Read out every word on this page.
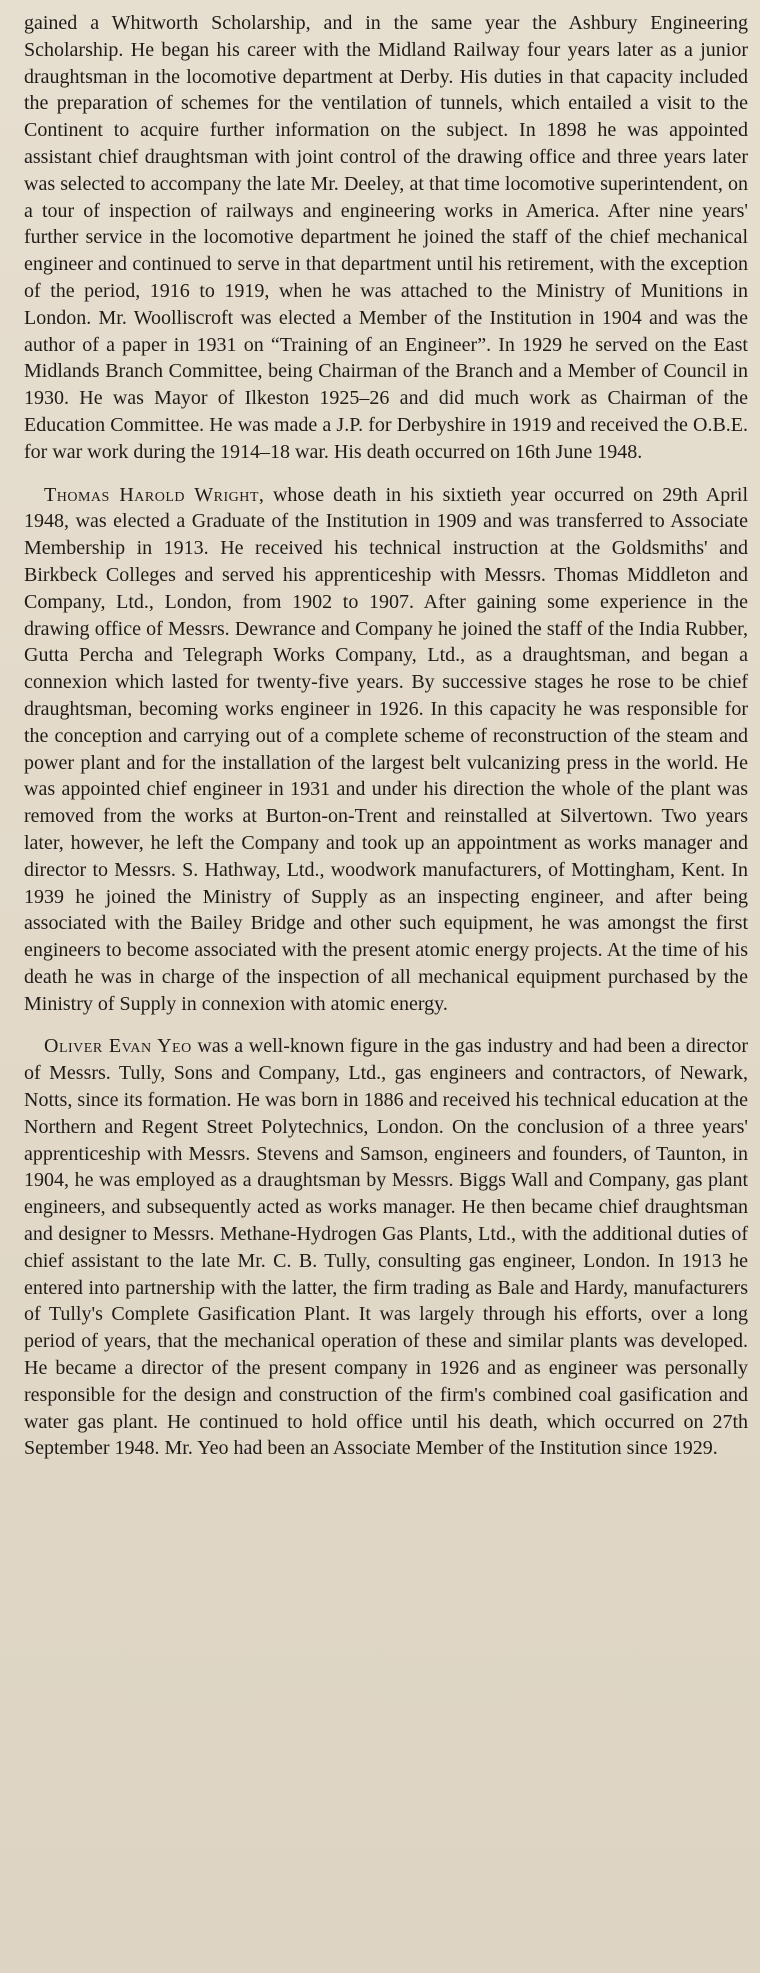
gained a Whitworth Scholarship, and in the same year the Ashbury Engineering Scholarship. He began his career with the Midland Railway four years later as a junior draughtsman in the locomotive department at Derby. His duties in that capacity included the preparation of schemes for the ventilation of tunnels, which entailed a visit to the Continent to acquire further information on the subject. In 1898 he was appointed assistant chief draughtsman with joint control of the drawing office and three years later was selected to accompany the late Mr. Deeley, at that time locomotive superintendent, on a tour of inspection of railways and engineering works in America. After nine years' further service in the locomotive department he joined the staff of the chief mechanical engineer and continued to serve in that department until his retirement, with the exception of the period, 1916 to 1919, when he was attached to the Ministry of Munitions in London. Mr. Woolliscroft was elected a Member of the Institution in 1904 and was the author of a paper in 1931 on “Training of an Engineer”. In 1929 he served on the East Midlands Branch Committee, being Chairman of the Branch and a Member of Council in 1930. He was Mayor of Ilkeston 1925–26 and did much work as Chairman of the Education Committee. He was made a J.P. for Derbyshire in 1919 and received the O.B.E. for war work during the 1914–18 war. His death occurred on 16th June 1948.

Thomas Harold Wright, whose death in his sixtieth year occurred on 29th April 1948, was elected a Graduate of the Institution in 1909 and was transferred to Associate Membership in 1913. He received his technical instruction at the Goldsmiths' and Birkbeck Colleges and served his apprenticeship with Messrs. Thomas Middleton and Company, Ltd., London, from 1902 to 1907. After gaining some experience in the drawing office of Messrs. Dewrance and Company he joined the staff of the India Rubber, Gutta Percha and Telegraph Works Company, Ltd., as a draughtsman, and began a connexion which lasted for twenty-five years. By successive stages he rose to be chief draughtsman, becoming works engineer in 1926. In this capacity he was responsible for the conception and carrying out of a complete scheme of reconstruction of the steam and power plant and for the installation of the largest belt vulcanizing press in the world. He was appointed chief engineer in 1931 and under his direction the whole of the plant was removed from the works at Burton-on-Trent and reinstalled at Silvertown. Two years later, however, he left the Company and took up an appointment as works manager and director to Messrs. S. Hathway, Ltd., woodwork manufacturers, of Mottingham, Kent. In 1939 he joined the Ministry of Supply as an inspecting engineer, and after being associated with the Bailey Bridge and other such equipment, he was amongst the first engineers to become associated with the present atomic energy projects. At the time of his death he was in charge of the inspection of all mechanical equipment purchased by the Ministry of Supply in connexion with atomic energy.

Oliver Evan Yeo was a well-known figure in the gas industry and had been a director of Messrs. Tully, Sons and Company, Ltd., gas engineers and contractors, of Newark, Notts, since its formation. He was born in 1886 and received his technical education at the Northern and Regent Street Polytechnics, London. On the conclusion of a three years' apprenticeship with Messrs. Stevens and Samson, engineers and founders, of Taunton, in 1904, he was employed as a draughtsman by Messrs. Biggs Wall and Company, gas plant engineers, and subsequently acted as works manager. He then became chief draughtsman and designer to Messrs. Methane-Hydrogen Gas Plants, Ltd., with the additional duties of chief assistant to the late Mr. C. B. Tully, consulting gas engineer, London. In 1913 he entered into partnership with the latter, the firm trading as Bale and Hardy, manufacturers of Tully's Complete Gasification Plant. It was largely through his efforts, over a long period of years, that the mechanical operation of these and similar plants was developed. He became a director of the present company in 1926 and as engineer was personally responsible for the design and construction of the firm's combined coal gasification and water gas plant. He continued to hold office until his death, which occurred on 27th September 1948. Mr. Yeo had been an Associate Member of the Institution since 1929.
